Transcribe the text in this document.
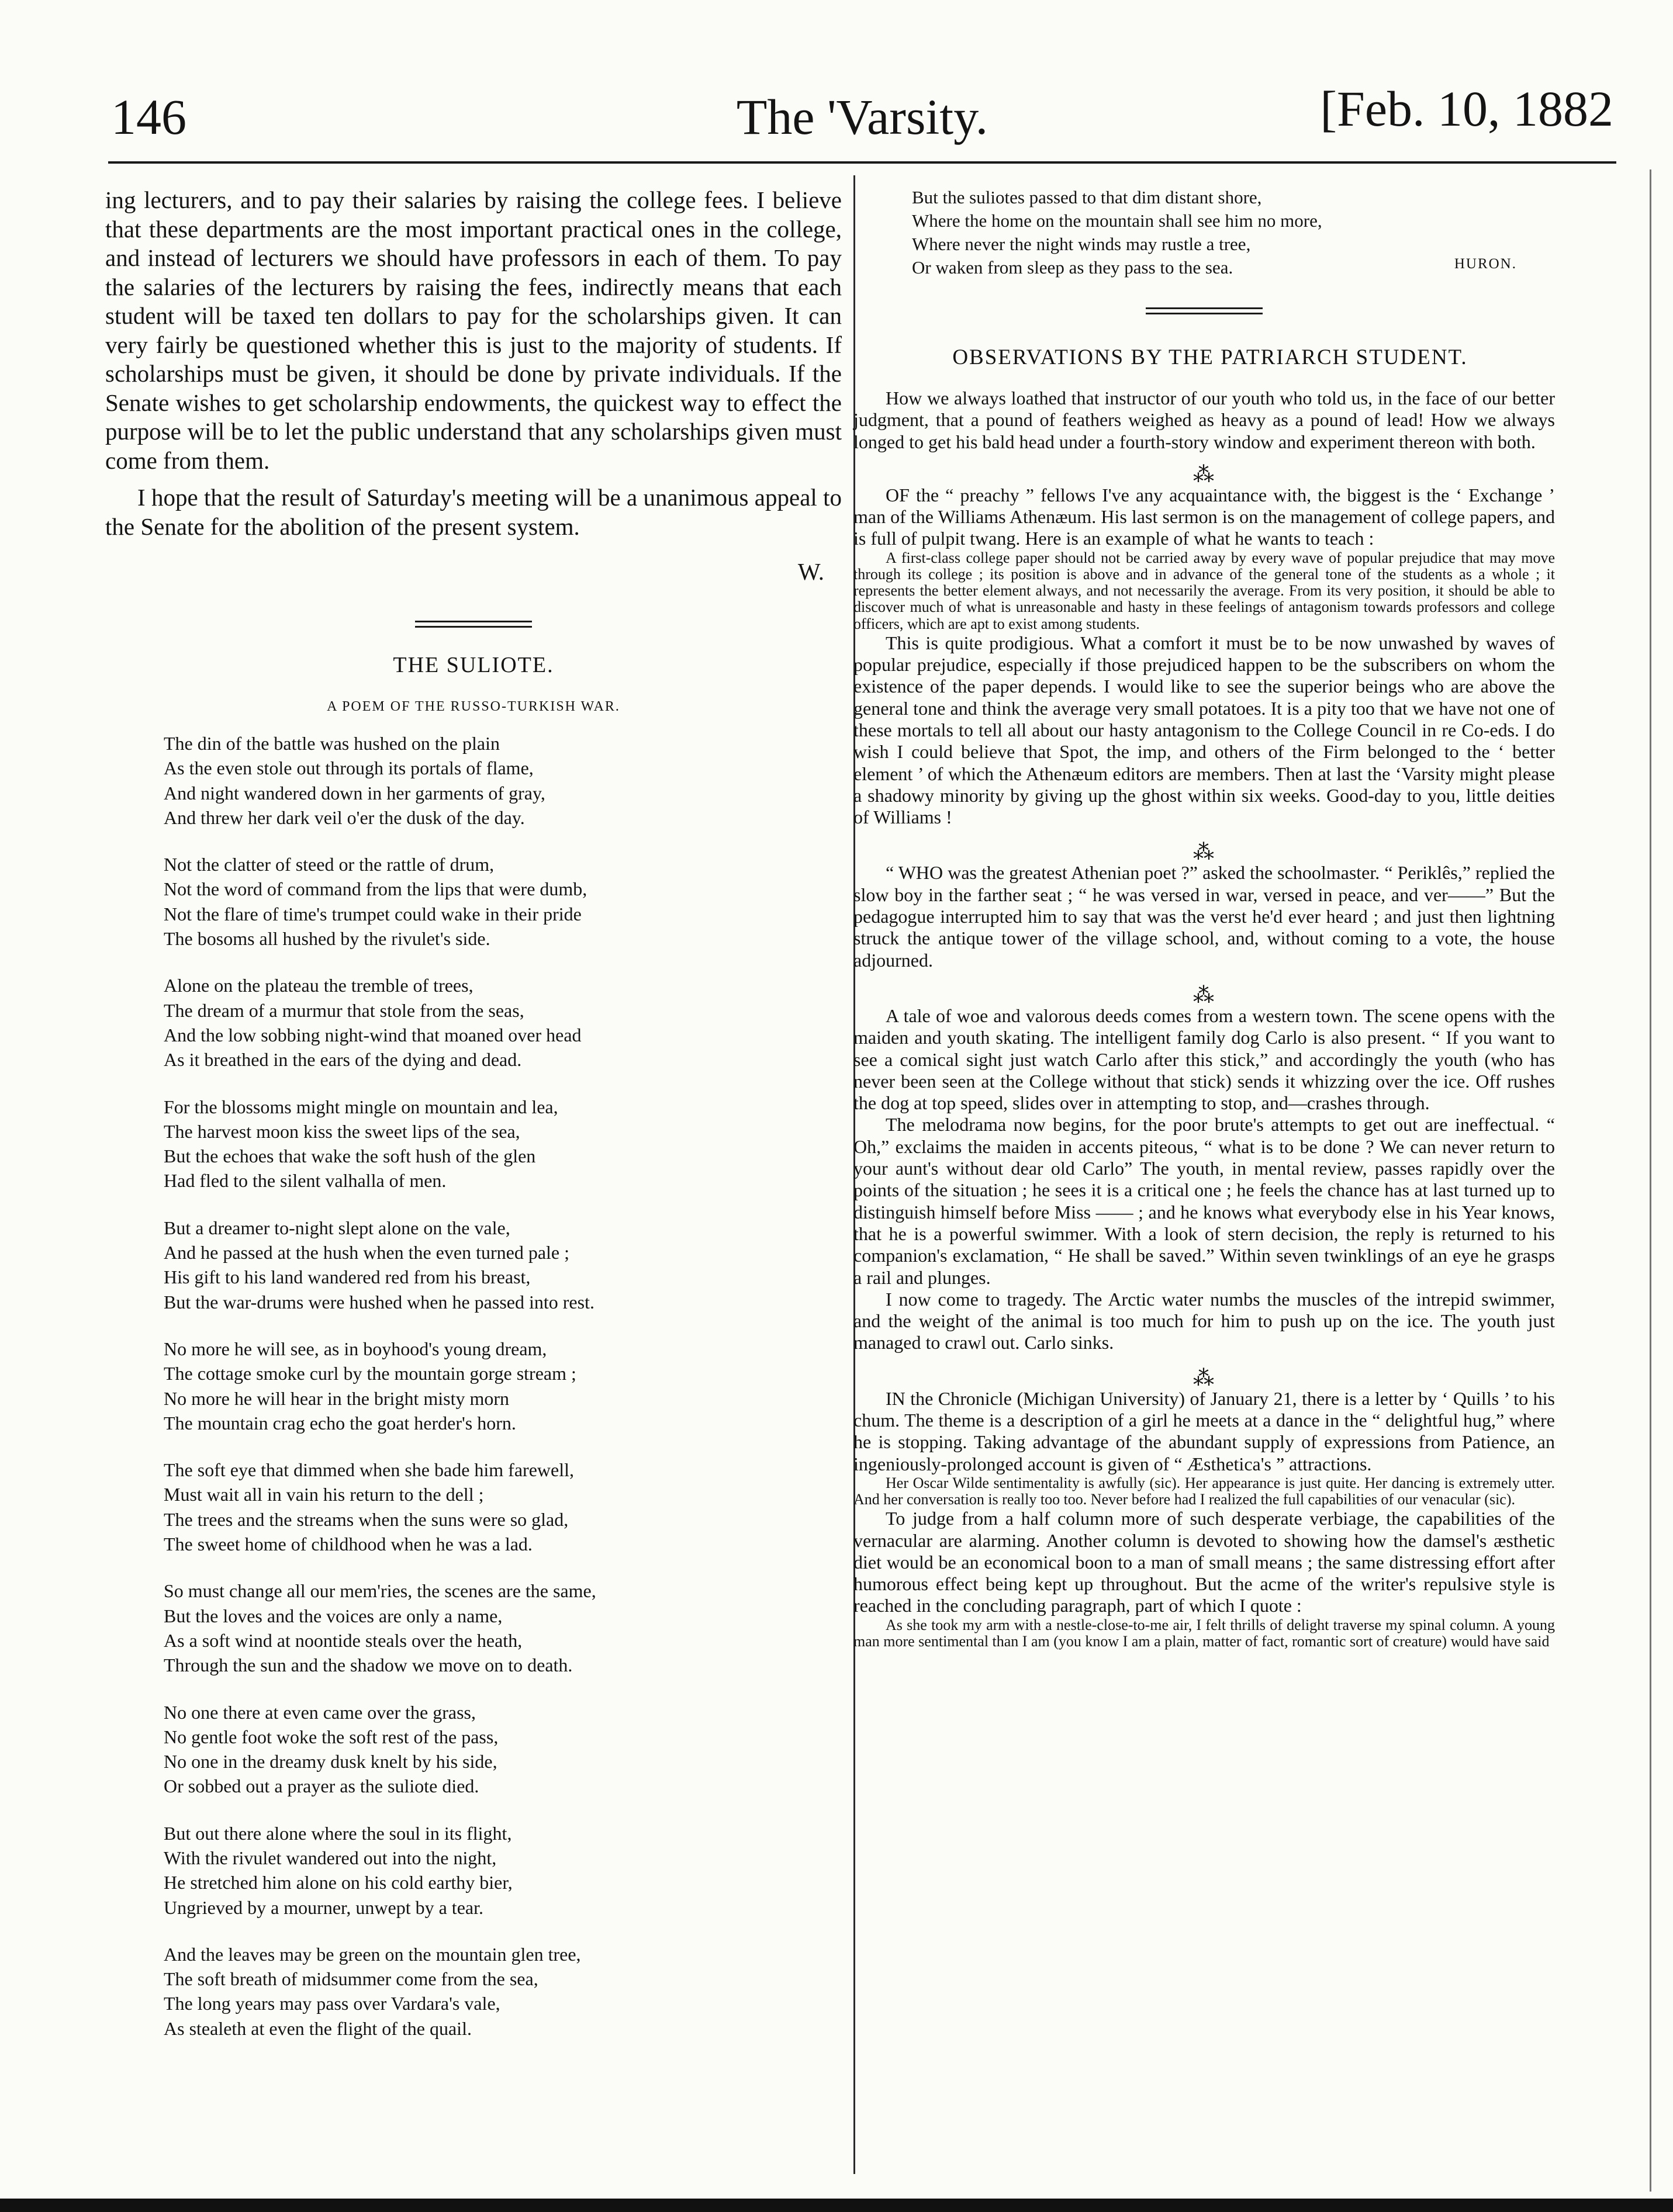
146	The 'Varsity.	[Feb. 10, 1882

ing lecturers, and to pay their salaries by raising the college fees. I believe that these departments are the most important practical ones in the college, and instead of lecturers we should have professors in each of them. To pay the salaries of the lecturers by raising the fees, indirectly means that each student will be taxed ten dollars to pay for the scholarships given. It can very fairly be questioned whether this is just to the majority of students. If scholarships must be given, it should be done by private individuals. If the Senate wishes to get scholarship endowments, the quickest way to effect the purpose will be to let the public understand that any scholarships given must come from them.

I hope that the result of Saturday's meeting will be a unanimous appeal to the Senate for the abolition of the present system.

W.
THE SULIOTE.
A POEM OF THE RUSSO-TURKISH WAR.
The din of the battle was hushed on the plain
As the even stole out through its portals of flame,
And night wandered down in her garments of gray,
And threw her dark veil o'er the dusk of the day.
Not the clatter of steed or the rattle of drum,
Not the word of command from the lips that were dumb,
Not the flare of time's trumpet could wake in their pride
The bosoms all hushed by the rivulet's side.
Alone on the plateau the tremble of trees,
The dream of a murmur that stole from the seas,
And the low sobbing night-wind that moaned over head
As it breathed in the ears of the dying and dead.
For the blossoms might mingle on mountain and lea,
The harvest moon kiss the sweet lips of the sea,
But the echoes that wake the soft hush of the glen
Had fled to the silent valhalla of men.
But a dreamer to-night slept alone on the vale,
And he passed at the hush when the even turned pale ;
His gift to his land wandered red from his breast,
But the war-drums were hushed when he passed into rest.
No more he will see, as in boyhood's young dream,
The cottage smoke curl by the mountain gorge stream ;
No more he will hear in the bright misty morn
The mountain crag echo the goat herder's horn.
The soft eye that dimmed when she bade him farewell,
Must wait all in vain his return to the dell ;
The trees and the streams when the suns were so glad,
The sweet home of childhood when he was a lad.
So must change all our mem'ries, the scenes are the same,
But the loves and the voices are only a name,
As a soft wind at noontide steals over the heath,
Through the sun and the shadow we move on to death.
No one there at even came over the grass,
No gentle foot woke the soft rest of the pass,
No one in the dreamy dusk knelt by his side,
Or sobbed out a prayer as the suliote died.
But out there alone where the soul in its flight,
With the rivulet wandered out into the night,
He stretched him alone on his cold earthy bier,
Ungrieved by a mourner, unwept by a tear.
And the leaves may be green on the mountain glen tree,
The soft breath of midsummer come from the sea,
The long years may pass over Vardara's vale,
As stealeth at even the flight of the quail.
But the suliotes passed to that dim distant shore,
Where the home on the mountain shall see him no more,
Where never the night winds may rustle a tree,
Or waken from sleep as they pass to the sea.	HURON.
OBSERVATIONS BY THE PATRIARCH STUDENT.

How we always loathed that instructor of our youth who told us, in the face of our better judgment, that a pound of feathers weighed as heavy as a pound of lead! How we always longed to get his bald head under a fourth-story window and experiment thereon with both.

⁂

OF the “ preachy ” fellows I've any acquaintance with, the biggest is the ‘ Exchange ’ man of the Williams Athenæum. His last sermon is on the management of college papers, and is full of pulpit twang. Here is an example of what he wants to teach :

A first-class college paper should not be carried away by every wave of popular prejudice that may move through its college ; its position is above and in advance of the general tone of the students as a whole ; it represents the better element always, and not necessarily the average. From its very position, it should be able to discover much of what is unreasonable and hasty in these feelings of antagonism towards professors and college officers, which are apt to exist among students.

This is quite prodigious. What a comfort it must be to be now unwashed by waves of popular prejudice, especially if those prejudiced happen to be the subscribers on whom the existence of the paper depends. I would like to see the superior beings who are above the general tone and think the average very small potatoes. It is a pity too that we have not one of these mortals to tell all about our hasty antagonism to the College Council in re Co-eds. I do wish I could believe that Spot, the imp, and others of the Firm belonged to the ‘ better element ’ of which the Athenæum editors are members. Then at last the ‘Varsity might please a shadowy minority by giving up the ghost within six weeks. Good-day to you, little deities of Williams !

⁂

“ WHO was the greatest Athenian poet ?” asked the schoolmaster. “ Periklês,” replied the slow boy in the farther seat ; “ he was versed in war, versed in peace, and ver——” But the pedagogue interrupted him to say that was the verst he'd ever heard ; and just then lightning struck the antique tower of the village school, and, without coming to a vote, the house adjourned.

⁂

A tale of woe and valorous deeds comes from a western town. The scene opens with the maiden and youth skating. The intelligent family dog Carlo is also present. “ If you want to see a comical sight just watch Carlo after this stick,” and accordingly the youth (who has never been seen at the College without that stick) sends it whizzing over the ice. Off rushes the dog at top speed, slides over in attempting to stop, and—crashes through.

The melodrama now begins, for the poor brute's attempts to get out are ineffectual. “ Oh,” exclaims the maiden in accents piteous, “ what is to be done ? We can never return to your aunt's without dear old Carlo” The youth, in mental review, passes rapidly over the points of the situation ; he sees it is a critical one ; he feels the chance has at last turned up to distinguish himself before Miss —— ; and he knows what everybody else in his Year knows, that he is a powerful swimmer. With a look of stern decision, the reply is returned to his companion's exclamation, “ He shall be saved.” Within seven twinklings of an eye he grasps a rail and plunges.

I now come to tragedy. The Arctic water numbs the muscles of the intrepid swimmer, and the weight of the animal is too much for him to push up on the ice. The youth just managed to crawl out. Carlo sinks.

⁂

IN the Chronicle (Michigan University) of January 21, there is a letter by ‘ Quills ’ to his chum. The theme is a description of a girl he meets at a dance in the “ delightful hug,” where he is stopping. Taking advantage of the abundant supply of expressions from Patience, an ingeniously-prolonged account is given of “ Æsthetica's ” attractions.

Her Oscar Wilde sentimentality is awfully (sic). Her appearance is just quite. Her dancing is extremely utter. And her conversation is really too too. Never before had I realized the full capabilities of our venacular (sic).

To judge from a half column more of such desperate verbiage, the capabilities of the vernacular are alarming. Another column is devoted to showing how the damsel's æsthetic diet would be an economical boon to a man of small means ; the same distressing effort after humorous effect being kept up throughout. But the acme of the writer's repulsive style is reached in the concluding paragraph, part of which I quote :

As she took my arm with a nestle-close-to-me air, I felt thrills of delight traverse my spinal column. A young man more sentimental than I am (you know I am a plain, matter of fact, romantic sort of creature) would have said
